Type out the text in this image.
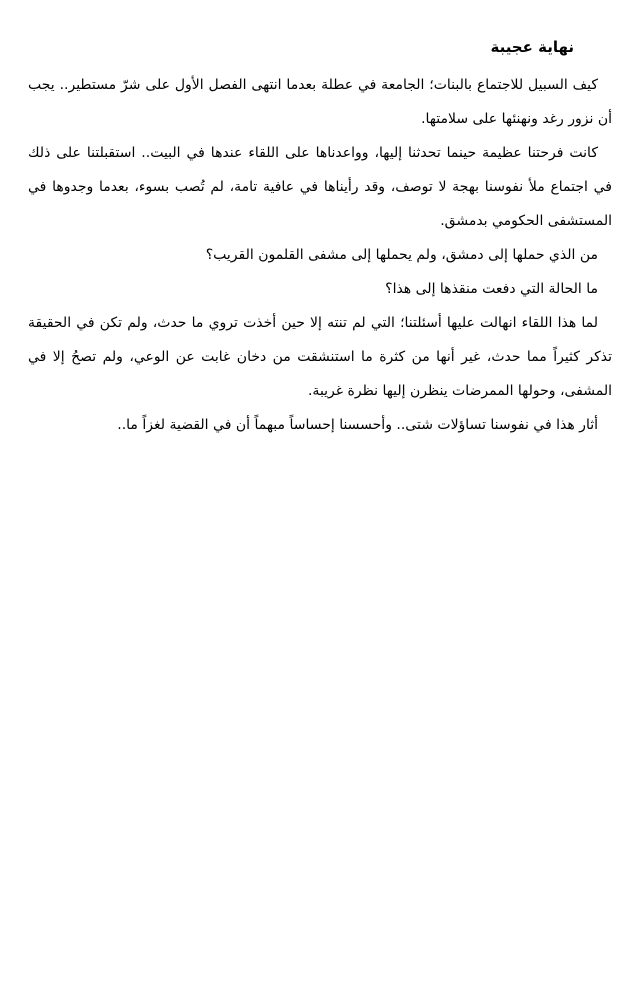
نهاية عجيبة

كيف السبيل للاجتماع بالبنات؛ الجامعة في عطلة بعدما انتهى الفصل الأول على شرّ مستطير.. يجب أن نزور رغد ونهنئها على سلامتها.

كانت فرحتنا عظيمة حينما تحدثنا إليها، وواعدناها على اللقاء عندها في البيت.. استقبلتنا على ذلك في اجتماع ملأ نفوسنا بهجة لا توصف، وقد رأيناها في عافية تامة، لم تُصب بسوء، بعدما وجدوها في المستشفى الحكومي بدمشق.

من الذي حملها إلى دمشق، ولم يحملها إلى مشفى القلمون القريب؟

ما الحالة التي دفعت منقذها إلى هذا؟

لما هذا اللقاء انهالت عليها أسئلتنا؛ التي لم تنته إلا حين أخذت تروي ما حدث، ولم تكن في الحقيقة تذكر كثيراً مما حدث، غير أنها من كثرة ما استنشقت من دخان غابت عن الوعي، ولم تصحُ إلا في المشفى، وحولها الممرضات ينظرن إليها نظرة غريبة.

أثار هذا في نفوسنا تساؤلات شتى.. وأحسسنا إحساساً مبهماً أن في القضية لغزاً ما..
